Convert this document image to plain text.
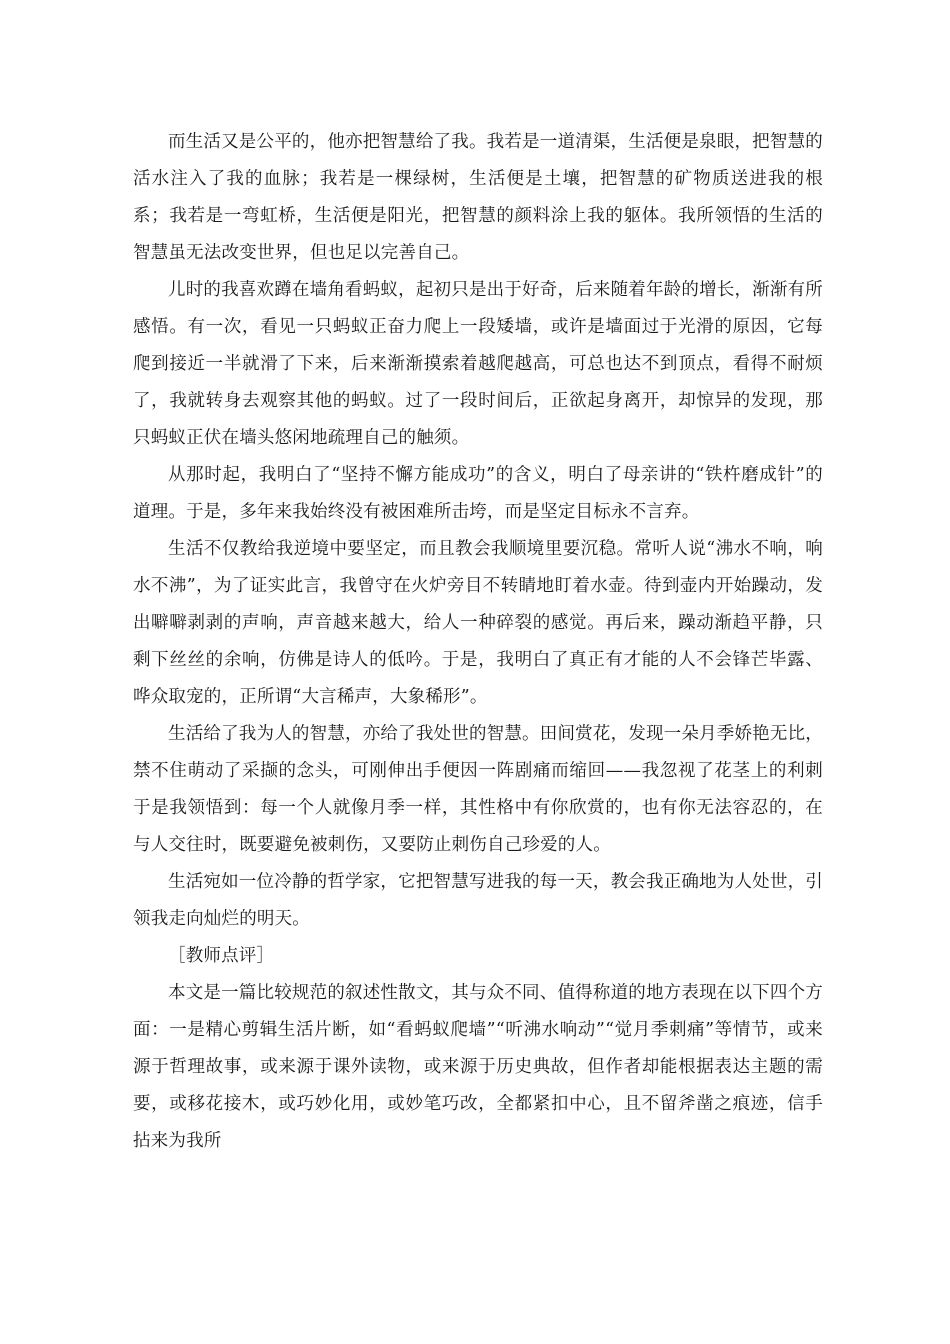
而生活又是公平的，他亦把智慧给了我。我若是一道清渠，生活便是泉眼，把智慧的活水注入了我的血脉；我若是一棵绿树，生活便是土壤，把智慧的矿物质送进我的根系；我若是一弯虹桥，生活便是阳光，把智慧的颜料涂上我的躯体。我所领悟的生活的智慧虽无法改变世界，但也足以完善自己。

儿时的我喜欢蹲在墙角看蚂蚁，起初只是出于好奇，后来随着年龄的增长，渐渐有所感悟。有一次，看见一只蚂蚁正奋力爬上一段矮墙，或许是墙面过于光滑的原因，它每爬到接近一半就滑了下来，后来渐渐摸索着越爬越高，可总也达不到顶点，看得不耐烦了，我就转身去观察其他的蚂蚁。过了一段时间后，正欲起身离开，却惊异的发现，那只蚂蚁正伏在墙头悠闲地疏理自己的触须。

从那时起，我明白了“坚持不懈方能成功”的含义，明白了母亲讲的“铁杵磨成针”的道理。于是，多年来我始终没有被困难所击垮，而是坚定目标永不言弃。

生活不仅教给我逆境中要坚定，而且教会我顺境里要沉稳。常听人说“沸水不响，响水不沸”，为了证实此言，我曾守在火炉旁目不转睛地盯着水壶。待到壶内开始躁动，发出噼噼剥剥的声响，声音越来越大，给人一种碎裂的感觉。再后来，躁动渐趋平静，只剩下丝丝的余响，仿佛是诗人的低吟。于是，我明白了真正有才能的人不会锋芒毕露、哗众取宠的，正所谓“大言稀声，大象稀形”。

生活给了我为人的智慧，亦给了我处世的智慧。田间赏花，发现一朵月季娇艳无比，禁不住萌动了采撷的念头，可刚伸出手便因一阵剧痛而缩回——我忽视了花茎上的利刺于是我领悟到：每一个人就像月季一样，其性格中有你欣赏的，也有你无法容忍的，在与人交往时，既要避免被刺伤，又要防止刺伤自己珍爱的人。

生活宛如一位冷静的哲学家，它把智慧写进我的每一天，教会我正确地为人处世，引领我走向灿烂的明天。

［教师点评］

本文是一篇比较规范的叙述性散文，其与众不同、值得称道的地方表现在以下四个方面：一是精心剪辑生活片断，如“看蚂蚁爬墙”“听沸水响动”“觉月季刺痛”等情节，或来源于哲理故事，或来源于课外读物，或来源于历史典故，但作者却能根据表达主题的需要，或移花接木，或巧妙化用，或妙笔巧改，全都紧扣中心，且不留斧凿之痕迹，信手拈来为我所
